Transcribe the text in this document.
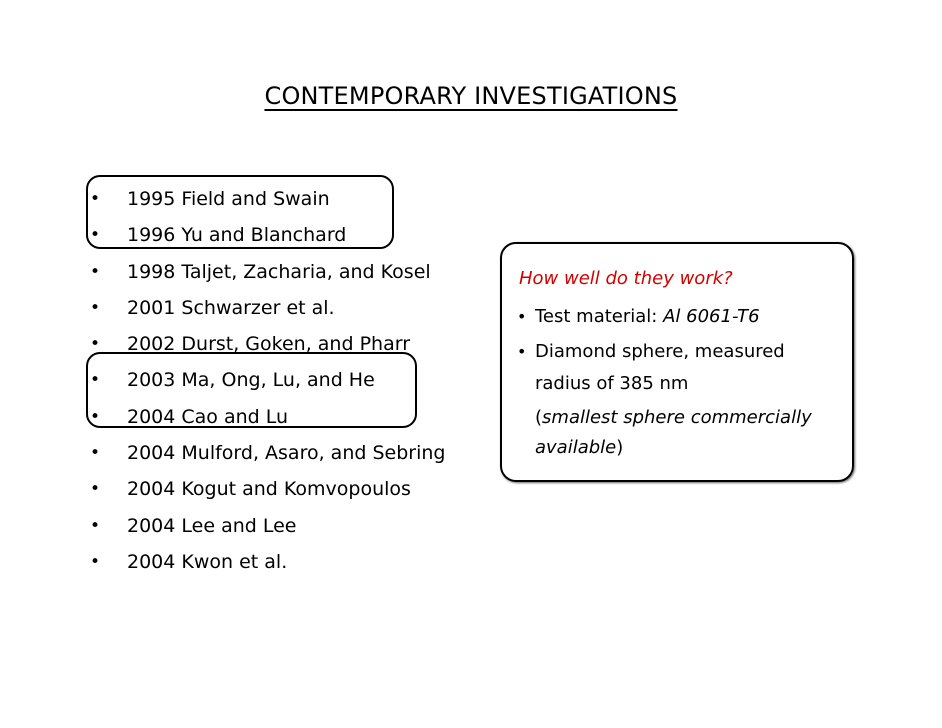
CONTEMPORARY INVESTIGATIONS
• 1995 Field and Swain
• 1996 Yu and Blanchard
• 1998 Taljet, Zacharia, and Kosel
• 2001 Schwarzer et al.
• 2002 Durst, Goken, and Pharr
• 2003 Ma, Ong, Lu, and He
• 2004 Cao and Lu
• 2004 Mulford, Asaro, and Sebring
• 2004 Kogut and Komvopoulos
• 2004 Lee and Lee
• 2004 Kwon et al.
How well do they work?
• Test material: Al 6061-T6
• Diamond sphere, measured
radius of 385 nm
(smallest sphere commercially
available)
